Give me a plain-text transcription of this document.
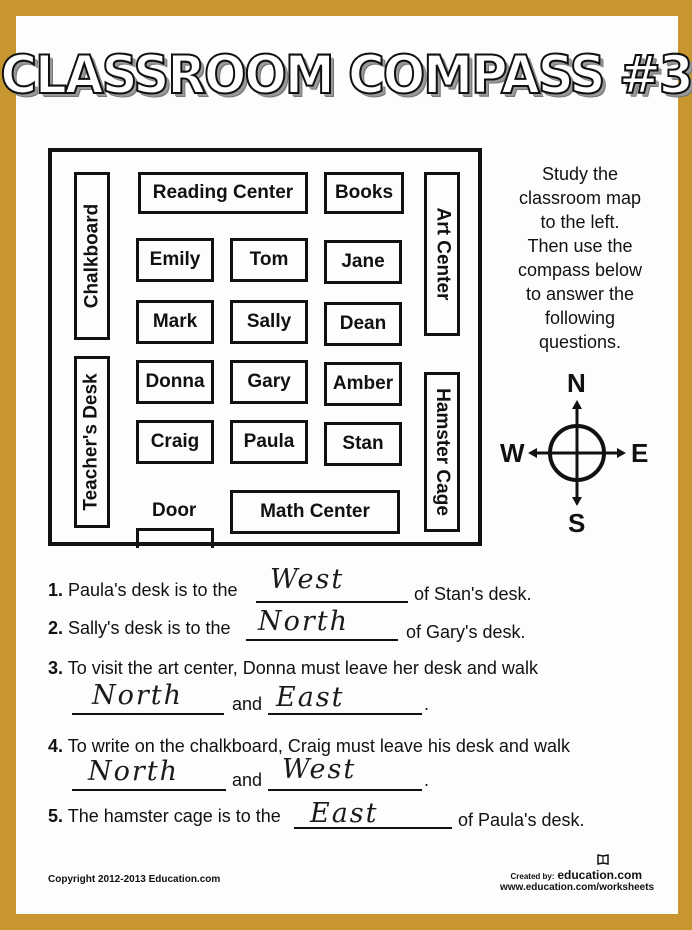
CLASSROOM COMPASS #3
Chalkboard
Reading Center Books
Art Center
Teacher's Desk	Hamster Cage
Emily	Tom	Jane
Mark	Sally	Dean
Donna Gary Amber
Craig Paula	Stan
Door	Math Center
Study the
classroom map
to the left.
Then use the
compass below
to answer the
following
questions.
N
S
W	E
1. Paula's desk is to the West	of Stan's desk.
2. Sally's desk is to the North	of Gary's desk.
3. To visit the art center, Donna must leave her desk and walk
North	and East	.
4. To write on the chalkboard, Craig must leave his desk and walk
North	and West	.
5. The hamster cage is to the East	of Paula's desk.
Copyright 2012-2013 Education.com	Created by: education.com
www.education.com/worksheets
